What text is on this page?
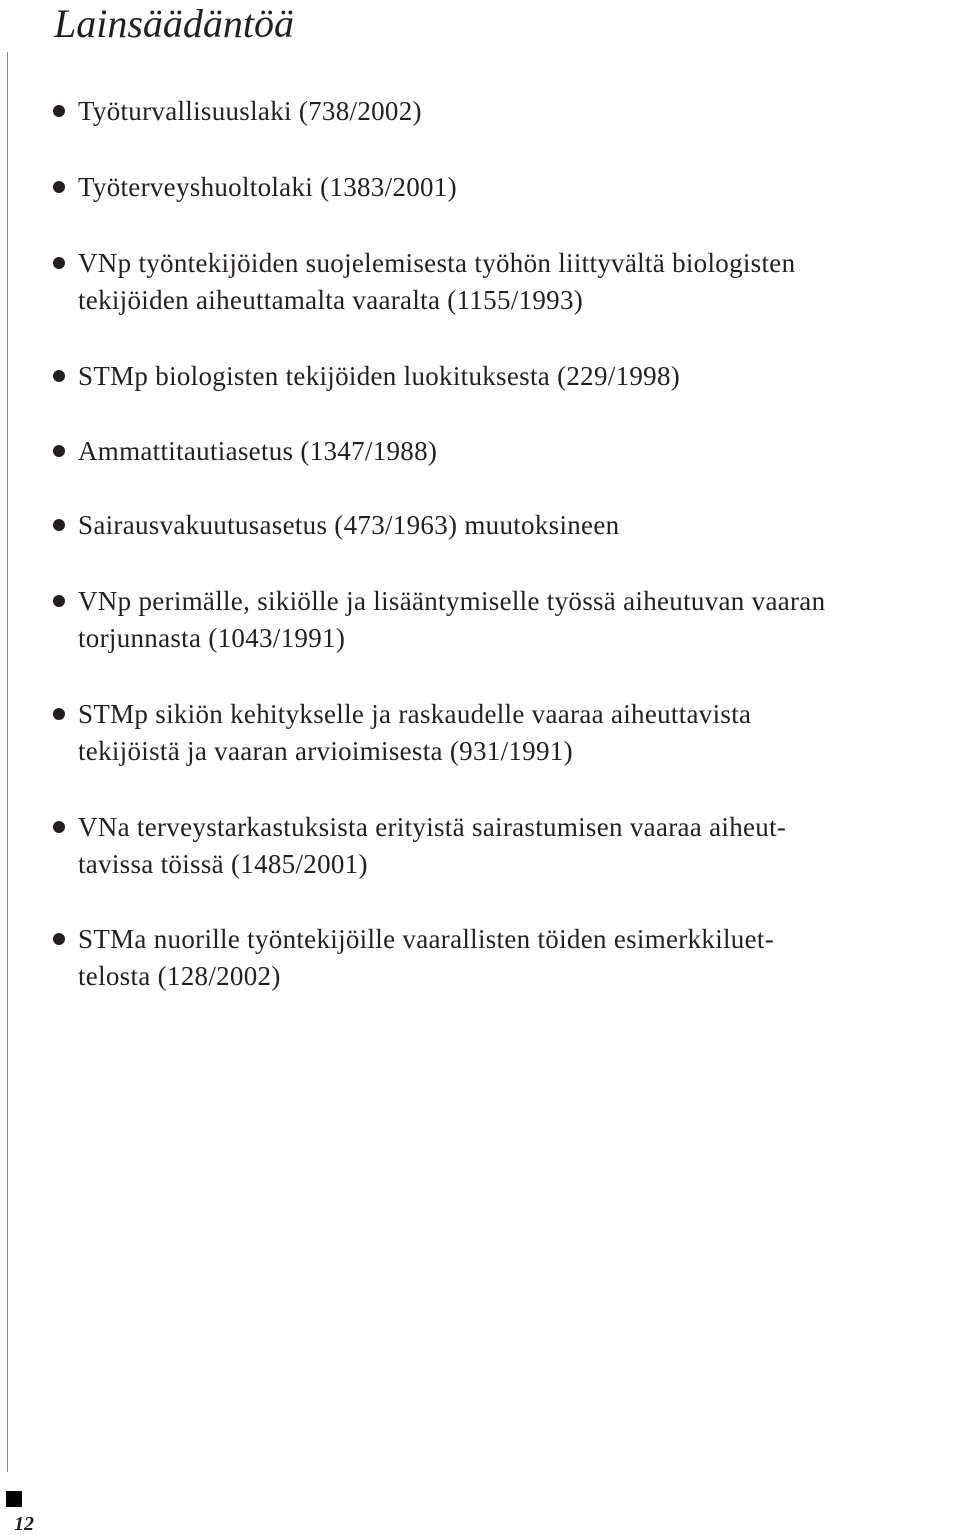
Lainsäädäntöä
Työturvallisuuslaki (738/2002)
Työterveyshuoltolaki (1383/2001)
VNp työntekijöiden suojelemisesta työhön liittyvältä biologisten
tekijöiden aiheuttamalta vaaralta (1155/1993)
STMp biologisten tekijöiden luokituksesta (229/1998)
Ammattitautiasetus (1347/1988)
Sairausvakuutusasetus (473/1963) muutoksineen
VNp perimälle, sikiölle ja lisääntymiselle työssä aiheutuvan vaaran
torjunnasta (1043/1991)
STMp sikiön kehitykselle ja raskaudelle vaaraa aiheuttavista
tekijöistä ja vaaran arvioimisesta (931/1991)
VNa terveystarkastuksista erityistä sairastumisen vaaraa aiheut-
tavissa töissä (1485/2001)
STMa nuorille työntekijöille vaarallisten töiden esimerkkiluet-
telosta (128/2002)
12
